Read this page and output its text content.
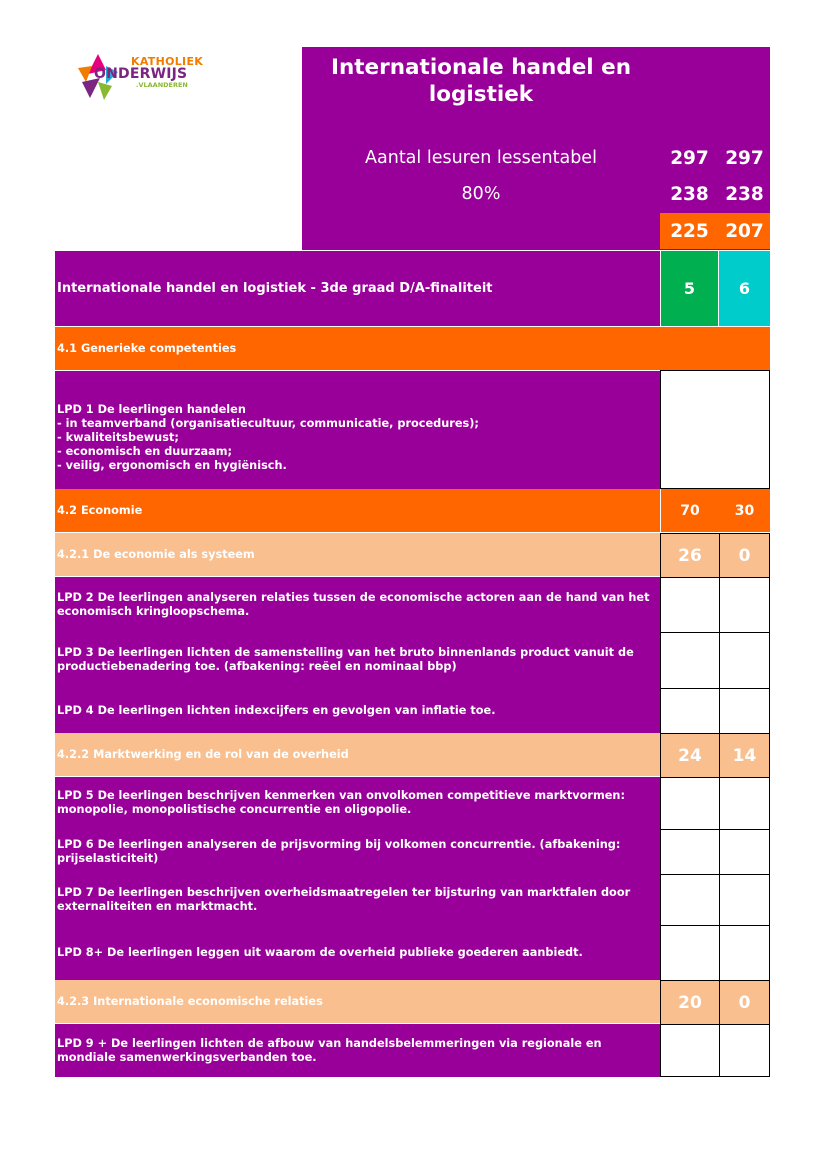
KATHOLIEK
ONDERWIJS
.VLAANDEREN
Internationale handel en logistiek
Aantal lesuren lessentabel
80%
297 297
238 238
225 207
Internationale handel en logistiek - 3de graad D/A-finaliteit	5	6
4.1 Generieke competenties
LPD 1 De leerlingen handelen
- in teamverband (organisatiecultuur, communicatie, procedures);
- kwaliteitsbewust;
- economisch en duurzaam;
- veilig, ergonomisch en hygiënisch.
4.2 Economie	70	30
4.2.1 De economie als systeem	26	0
LPD 2 De leerlingen analyseren relaties tussen de economische actoren aan de hand van het economisch kringloopschema.
LPD 3 De leerlingen lichten de samenstelling van het bruto binnenlands product vanuit de productiebenadering toe. (afbakening: reëel en nominaal bbp)
LPD 4 De leerlingen lichten indexcijfers en gevolgen van inflatie toe.
4.2.2 Marktwerking en de rol van de overheid	24	14
LPD 5 De leerlingen beschrijven kenmerken van onvolkomen competitieve marktvormen: monopolie, monopolistische concurrentie en oligopolie.
LPD 6 De leerlingen analyseren de prijsvorming bij volkomen concurrentie. (afbakening: prijselasticiteit)
LPD 7 De leerlingen beschrijven overheidsmaatregelen ter bijsturing van marktfalen door externaliteiten en marktmacht.
LPD 8+ De leerlingen leggen uit waarom de overheid publieke goederen aanbiedt.
4.2.3 Internationale economische relaties	20	0
LPD 9 + De leerlingen lichten de afbouw van handelsbelemmeringen via regionale en mondiale samenwerkingsverbanden toe.
